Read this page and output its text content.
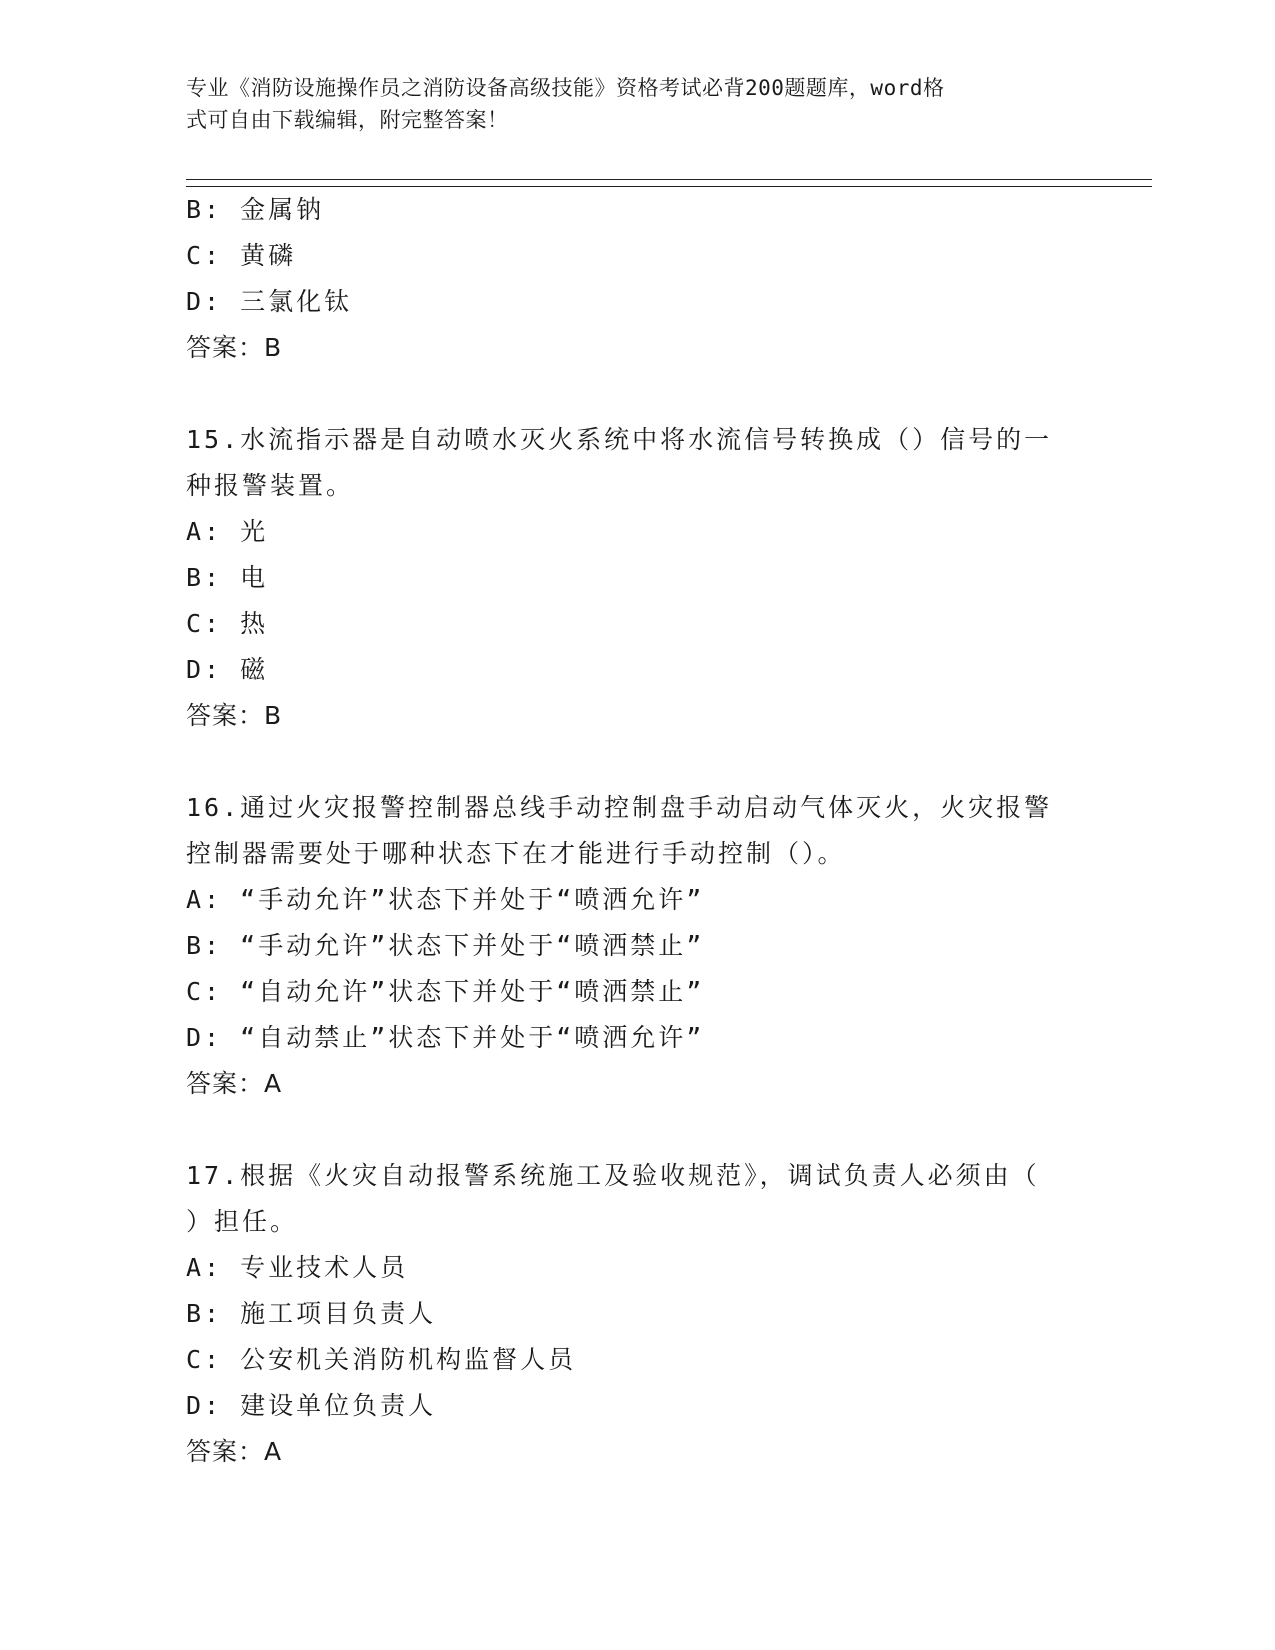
专业《消防设施操作员之消防设备高级技能》资格考试必背200题题库，word格
式可自由下载编辑，附完整答案！
B: 金属钠
C: 黄磷
D: 三氯化钛
答案：B
15.水流指示器是自动喷水灭火系统中将水流信号转换成（）信号的一
种报警装置。
A: 光
B: 电
C: 热
D: 磁
答案：B
16.通过火灾报警控制器总线手动控制盘手动启动气体灭火，火灾报警
控制器需要处于哪种状态下在才能进行手动控制（）。
A: “手动允许”状态下并处于“喷洒允许”
B: “手动允许”状态下并处于“喷洒禁止”
C: “自动允许”状态下并处于“喷洒禁止”
D: “自动禁止”状态下并处于“喷洒允许”
答案：A
17.根据《火灾自动报警系统施工及验收规范》，调试负责人必须由（
）担任。
A: 专业技术人员
B: 施工项目负责人
C: 公安机关消防机构监督人员
D: 建设单位负责人
答案：A
